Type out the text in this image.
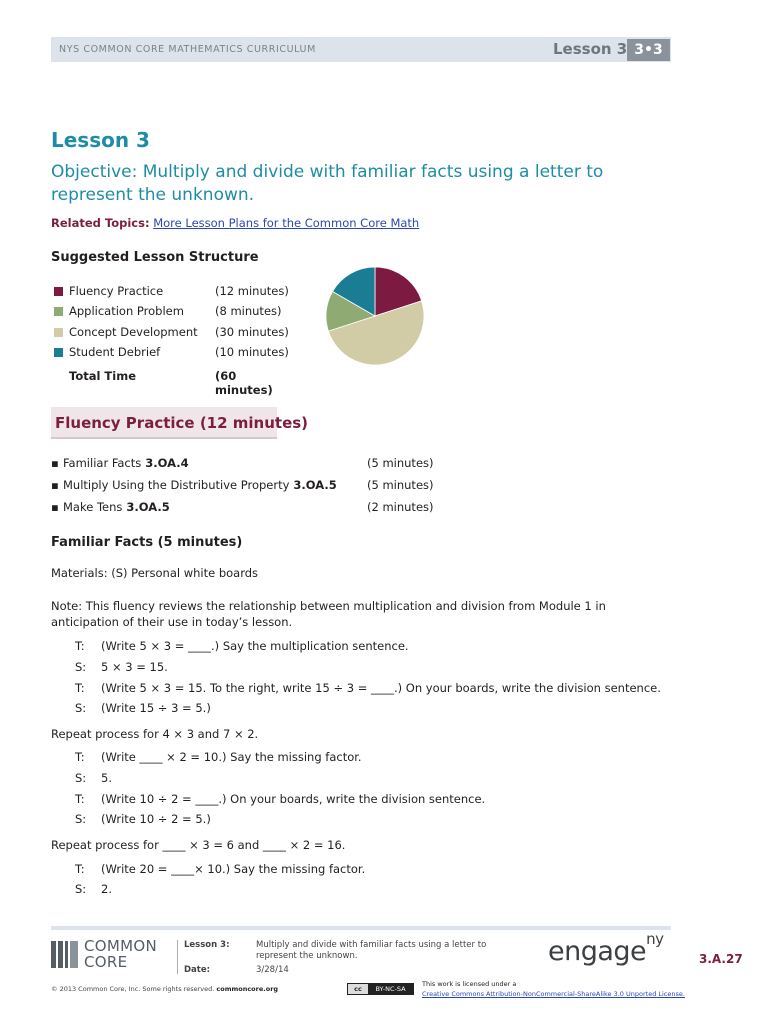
NYS COMMON CORE MATHEMATICS CURRICULUM	Lesson 3 3•3
Lesson 3
Objective: Multiply and divide with familiar facts using a letter to represent the unknown.
Related Topics: More Lesson Plans for the Common Core Math
Suggested Lesson Structure
Fluency Practice	(12 minutes)
Application Problem	(8 minutes)
Concept Development (30 minutes)
Student Debrief	(10 minutes)
Total Time	(60 minutes)
Fluency Practice (12 minutes)
▪ Familiar Facts 3.OA.4	(5 minutes)
▪ Multiply Using the Distributive Property 3.OA.5	(5 minutes)
▪ Make Tens 3.OA.5	(2 minutes)
Familiar Facts (5 minutes)
Materials: (S) Personal white boards
Note: This fluency reviews the relationship between multiplication and division from Module 1 in anticipation of their use in today’s lesson.
T: (Write 5 × 3 = ____.) Say the multiplication sentence.
S: 5 × 3 = 15.
T: (Write 5 × 3 = 15. To the right, write 15 ÷ 3 = ____.) On your boards, write the division sentence.
S: (Write 15 ÷ 3 = 5.)
Repeat process for 4 × 3 and 7 × 2.
T: (Write ____ × 2 = 10.) Say the missing factor.
S: 5.
T: (Write 10 ÷ 2 = ____.) On your boards, write the division sentence.
S: (Write 10 ÷ 2 = 5.)
Repeat process for ____ × 3 = 6 and ____ × 2 = 16.
T: (Write 20 = ____× 10.) Say the missing factor.
S: 2.
COMMON
CORE
Lesson 3:	Multiply and divide with familiar facts using a letter to represent the unknown.
Date:	3/28/14
engage$^{ny}$
3.A.27
© 2013 Common Core, Inc. Some rights reserved. commoncore.org	cc	BY-NC-SA
This work is licensed under a
Creative Commons Attribution-NonCommercial-ShareAlike 3.0 Unported License.
